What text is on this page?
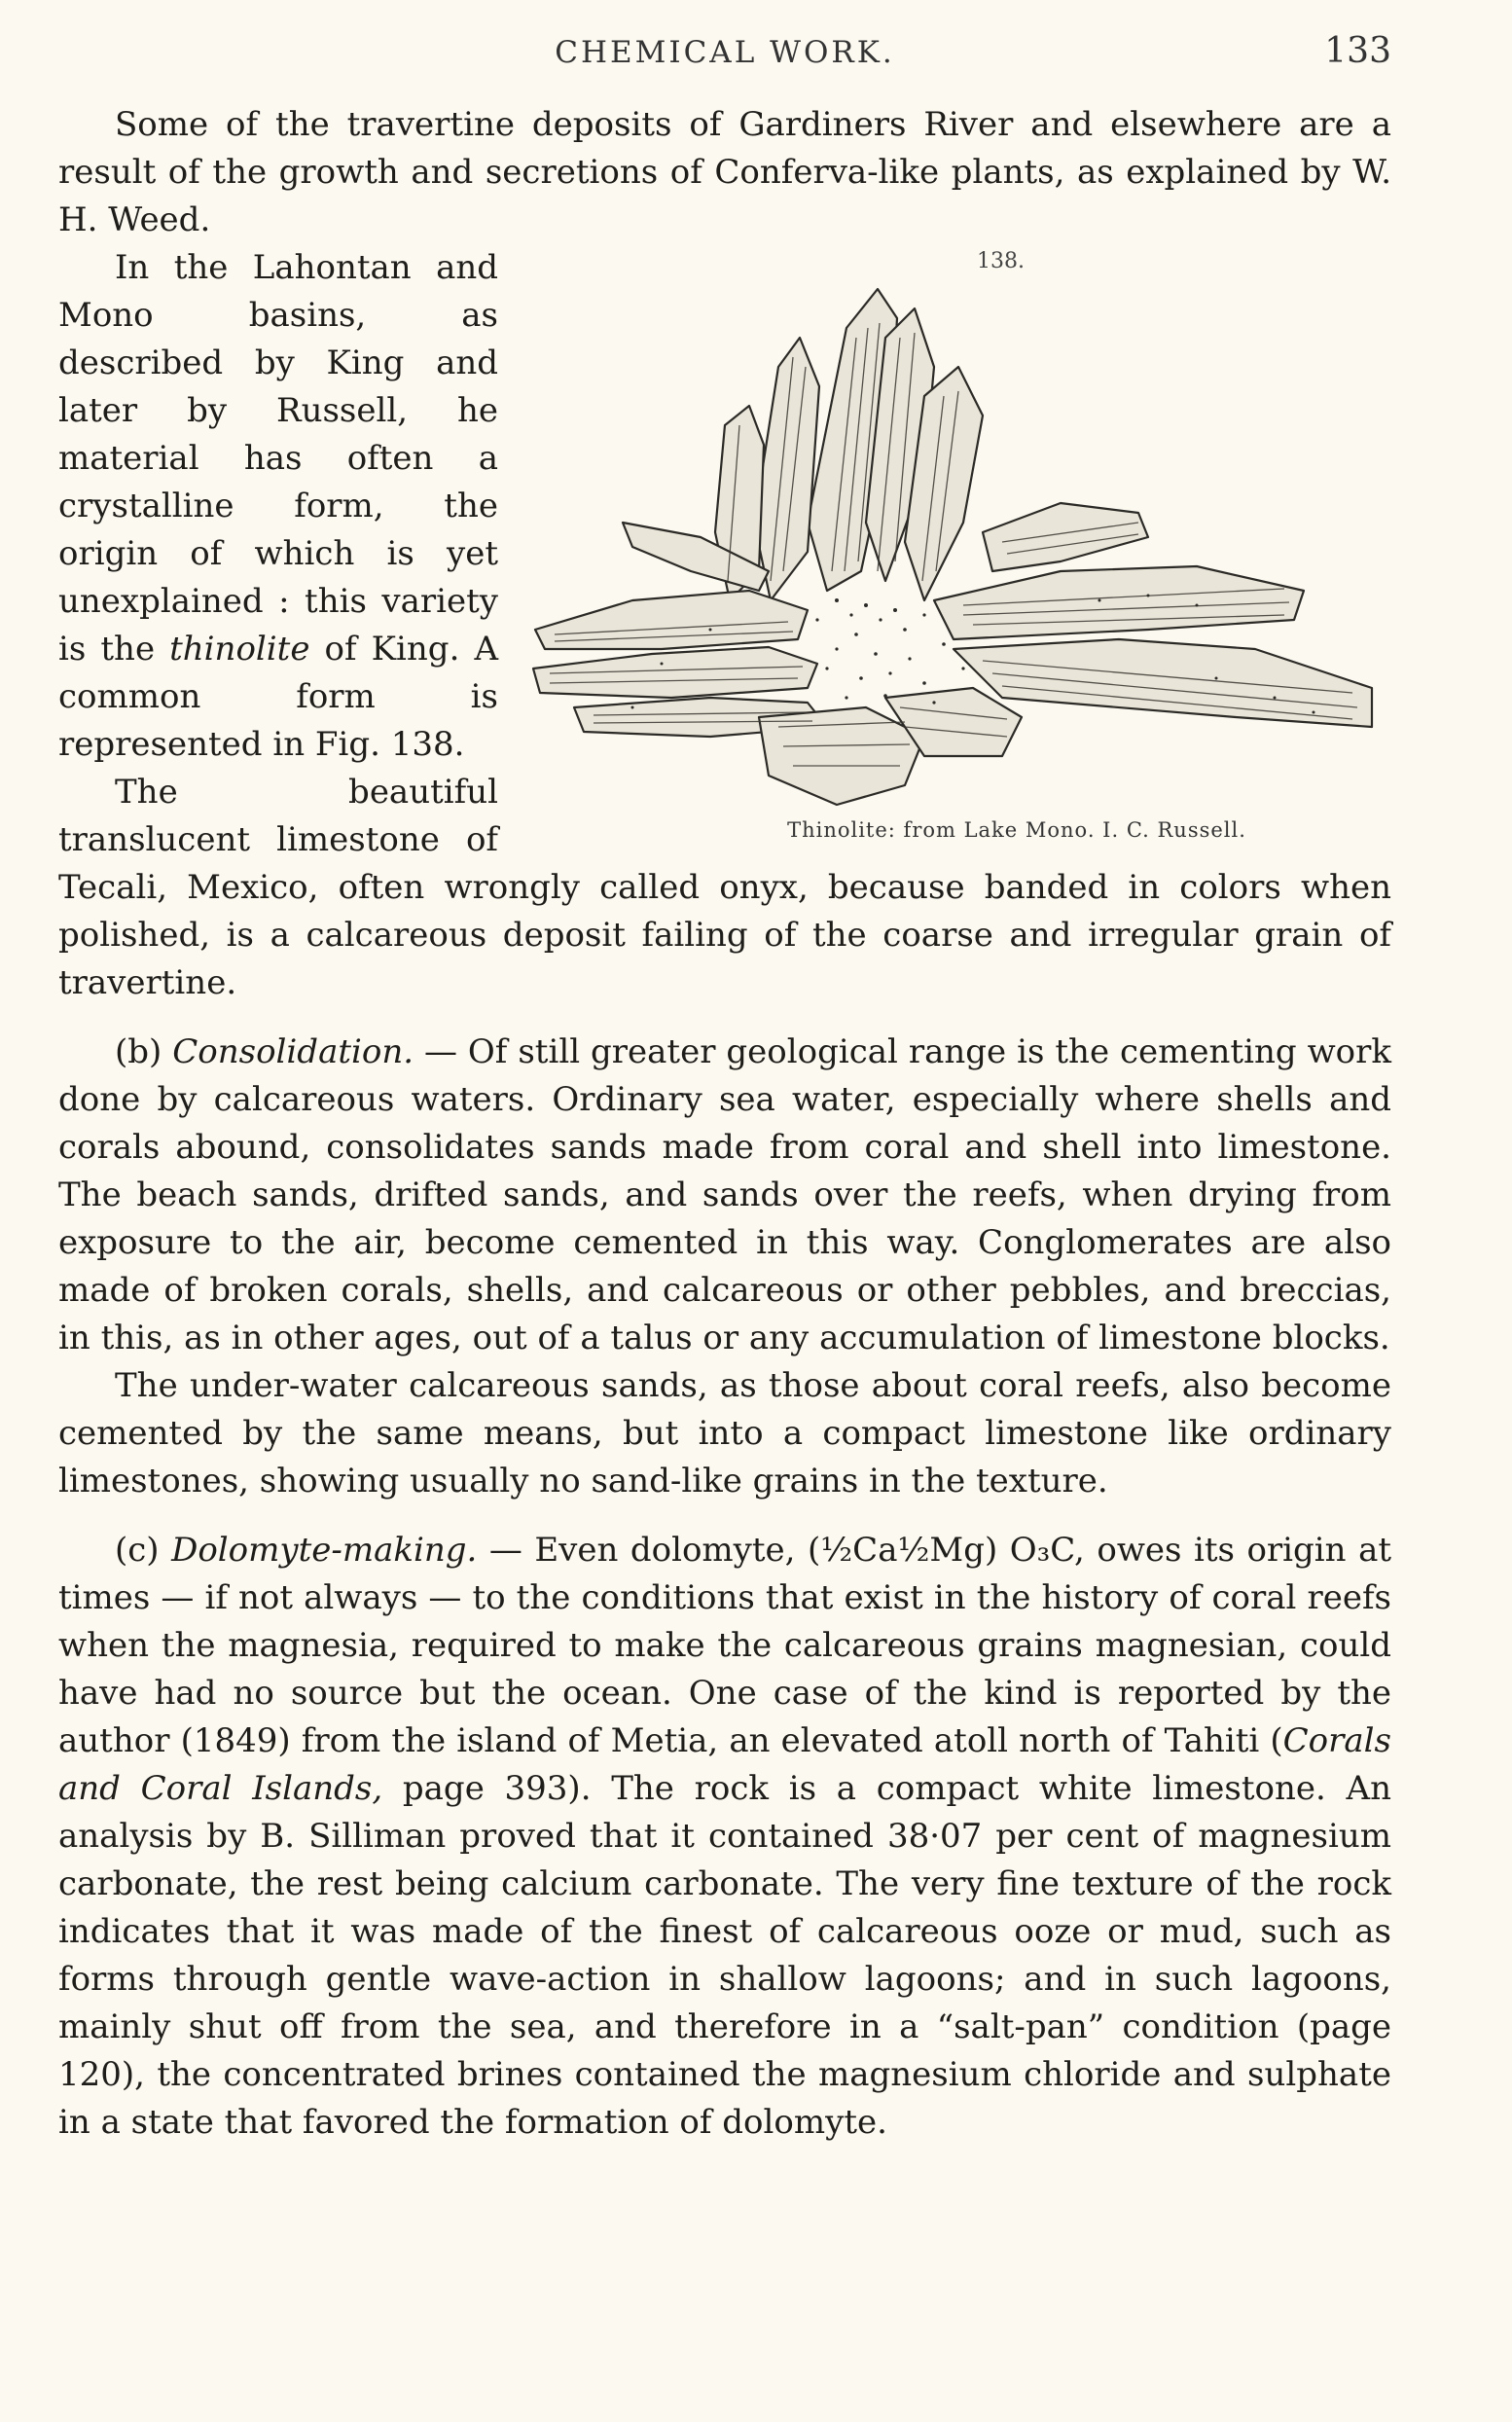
CHEMICAL WORK.	133

Some of the travertine deposits of Gardiners River and elsewhere are a result of the growth and secretions of Conferva-like plants, as explained by W. H. Weed.

138.
Thinolite: from Lake Mono. I. C. Russell.

In the Lahontan and Mono basins, as described by King and later by Russell, he material has often a crystalline form, the origin of which is yet unexplained : this variety is the thinolite of King. A common form is represented in Fig. 138.

The beautiful translucent limestone of Tecali, Mexico, often wrongly called onyx, because banded in colors when polished, is a calcareous deposit failing of the coarse and irregular grain of travertine.

(b) Consolidation. — Of still greater geological range is the cementing work done by calcareous waters. Ordinary sea water, especially where shells and corals abound, consolidates sands made from coral and shell into limestone. The beach sands, drifted sands, and sands over the reefs, when drying from exposure to the air, become cemented in this way. Conglomerates are also made of broken corals, shells, and calcareous or other pebbles, and breccias, in this, as in other ages, out of a talus or any accumulation of limestone blocks.

The under-water calcareous sands, as those about coral reefs, also become cemented by the same means, but into a compact limestone like ordinary limestones, showing usually no sand-like grains in the texture.

(c) Dolomyte-making. — Even dolomyte, (½Ca½Mg) O₃C, owes its origin at times — if not always — to the conditions that exist in the history of coral reefs when the magnesia, required to make the calcareous grains magnesian, could have had no source but the ocean. One case of the kind is reported by the author (1849) from the island of Metia, an elevated atoll north of Tahiti (Corals and Coral Islands, page 393). The rock is a compact white limestone. An analysis by B. Silliman proved that it contained 38·07 per cent of magnesium carbonate, the rest being calcium carbonate. The very fine texture of the rock indicates that it was made of the finest of calcareous ooze or mud, such as forms through gentle wave-action in shallow lagoons; and in such lagoons, mainly shut off from the sea, and therefore in a “salt-pan” condition (page 120), the concentrated brines contained the magnesium chloride and sulphate in a state that favored the formation of dolomyte.
